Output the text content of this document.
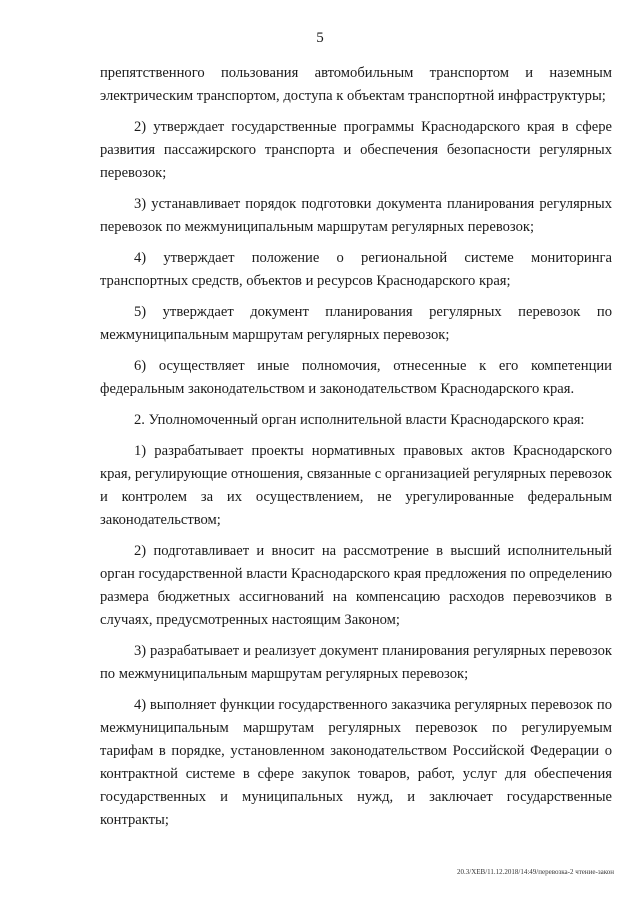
5

препятственного пользования автомобильным транспортом и наземным электрическим транспортом, доступа к объектам транспортной инфраструктуры;

2) утверждает государственные программы Краснодарского края в сфере развития пассажирского транспорта и обеспечения безопасности регулярных перевозок;

3) устанавливает порядок подготовки документа планирования регулярных перевозок по межмуниципальным маршрутам регулярных перевозок;

4) утверждает положение о региональной системе мониторинга транспортных средств, объектов и ресурсов Краснодарского края;

5) утверждает документ планирования регулярных перевозок по межмуниципальным маршрутам регулярных перевозок;

6) осуществляет иные полномочия, отнесенные к его компетенции федеральным законодательством и законодательством Краснодарского края.

2. Уполномоченный орган исполнительной власти Краснодарского края:

1) разрабатывает проекты нормативных правовых актов Краснодарского края, регулирующие отношения, связанные с организацией регулярных перевозок и контролем за их осуществлением, не урегулированные федеральным законодательством;

2) подготавливает и вносит на рассмотрение в высший исполнительный орган государственной власти Краснодарского края предложения по определению размера бюджетных ассигнований на компенсацию расходов перевозчиков в случаях, предусмотренных настоящим Законом;

3) разрабатывает и реализует документ планирования регулярных перевозок по межмуниципальным маршрутам регулярных перевозок;

4) выполняет функции государственного заказчика регулярных перевозок по межмуниципальным маршрутам регулярных перевозок по регулируемым тарифам в порядке, установленном законодательством Российской Федерации о контрактной системе в сфере закупок товаров, работ, услуг для обеспечения государственных и муниципальных нужд, и заключает государственные контракты;

20.3/XEB/11.12.2018/14:49/перевозка-2 чтение-закон
